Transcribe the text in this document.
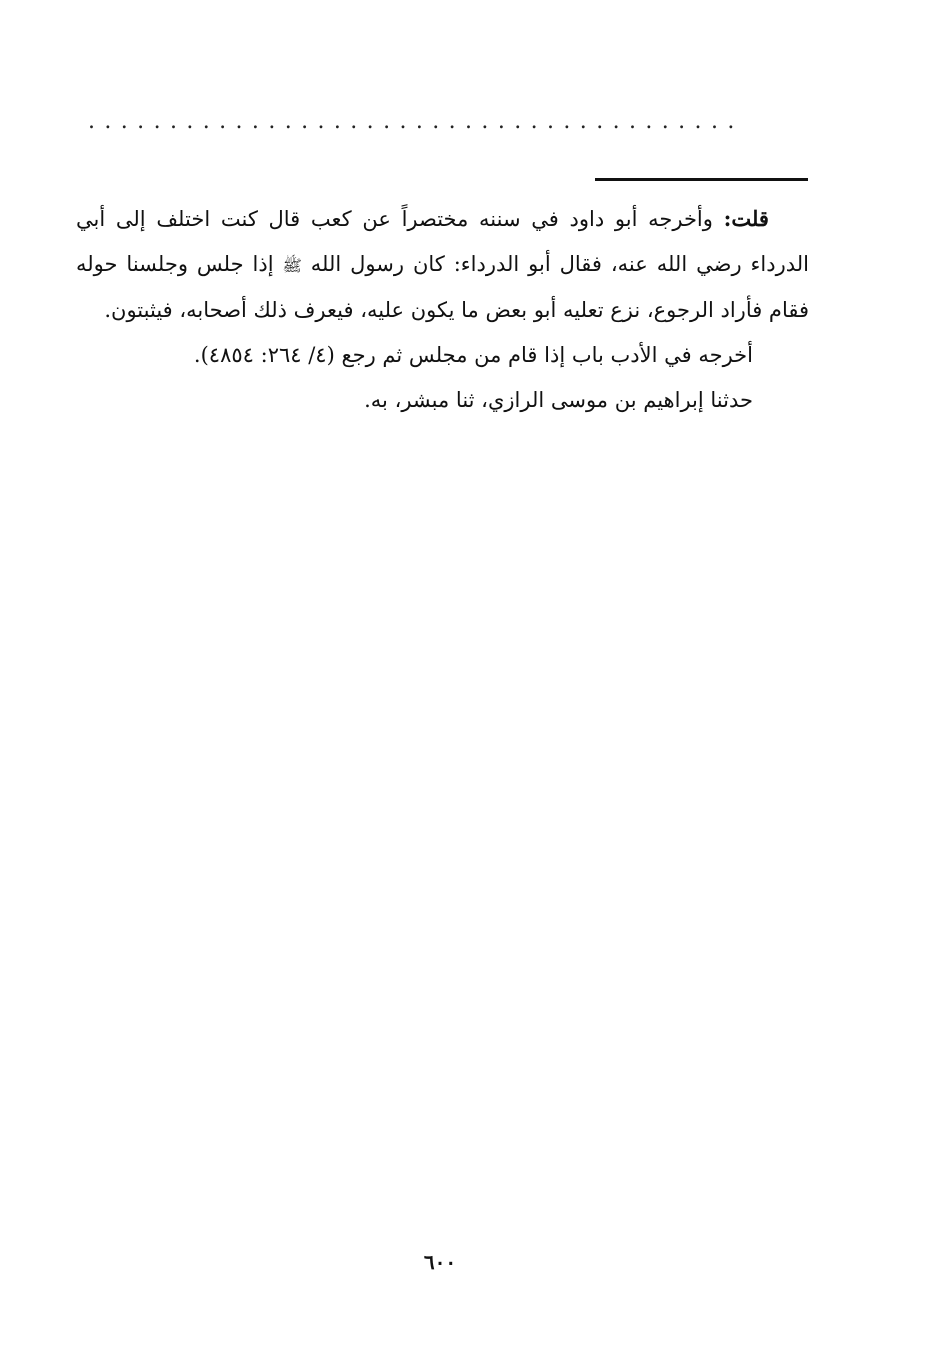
........................................

قلت: وأخرجه أبو داود في سننه مختصراً عن كعب قال كنت اختلف إلى أبي الدرداء رضي الله عنه، فقال أبو الدرداء: كان رسول الله ﷺ إذا جلس وجلسنا حوله فقام فأراد الرجوع، نزع تعليه أبو بعض ما يكون عليه، فيعرف ذلك أصحابه، فيثبتون.

أخرجه في الأدب باب إذا قام من مجلس ثم رجع (٤/ ٢٦٤: ٤٨٥٤).

حدثنا إبراهيم بن موسى الرازي، ثنا مبشر، به.

٦٠٠
